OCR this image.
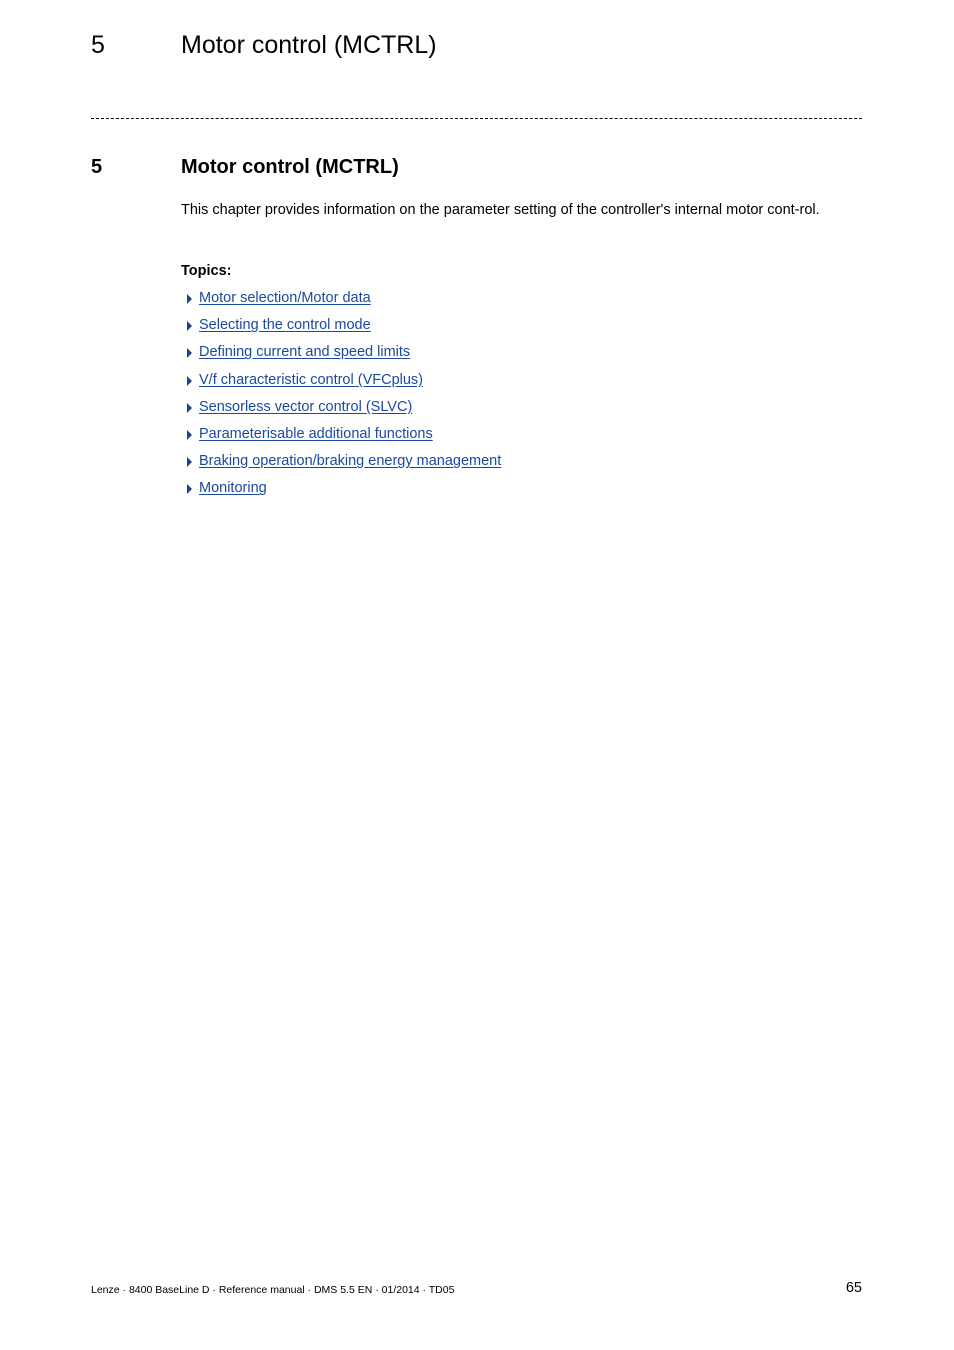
5	Motor control (MCTRL)
5	Motor control (MCTRL)

This chapter provides information on the parameter setting of the controller's internal motor cont-rol.

Topics:
Motor selection/Motor data
Selecting the control mode
Defining current and speed limits
V/f characteristic control (VFCplus)
Sensorless vector control (SLVC)
Parameterisable additional functions
Braking operation/braking energy management
Monitoring
Lenze · 8400 BaseLine D · Reference manual · DMS 5.5 EN · 01/2014 · TD05	65
